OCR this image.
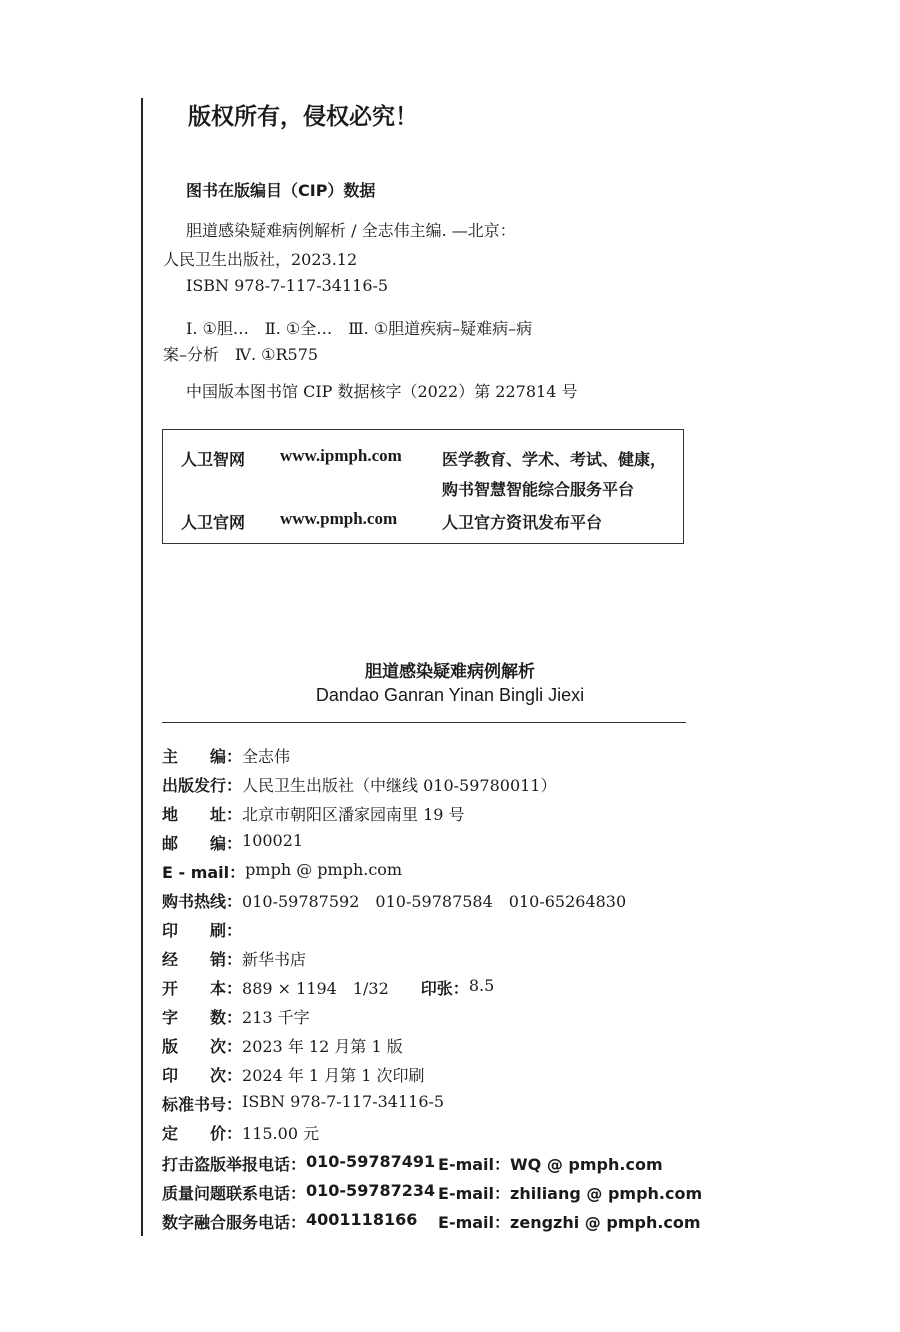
版权所有，侵权必究！
图书在版编目（CIP）数据
胆道感染疑难病例解析 / 全志伟主编. —北京：
人民卫生出版社，2023.12
ISBN 978-7-117-34116-5
Ⅰ. ①胆…　Ⅱ. ①全…　Ⅲ. ①胆道疾病–疑难病–病
案–分析　Ⅳ. ①R575
中国版本图书馆 CIP 数据核字（2022）第 227814 号
人卫智网 www.ipmph.com	医学教育、学术、考试、健康，
购书智慧智能综合服务平台
人卫官网 www.pmph.com	人卫官方资讯发布平台
胆道感染疑难病例解析
Dandao Ganran Yinan Bingli Jiexi
主　　编： 全志伟
出版发行： 人民卫生出版社（中继线 010-59780011）
地　　址： 北京市朝阳区潘家园南里 19 号
邮　　编： 100021
E - mail： pmph @ pmph.com
购书热线： 010-59787592　010-59787584　010-65264830
印　　刷：
经　　销： 新华书店
开　　本： 889 × 1194　1/32　　 印张： 8.5
字　　数： 213 千字
版　　次： 2023 年 12 月第 1 版
印　　次： 2024 年 1 月第 1 次印刷
标准书号： ISBN 978-7-117-34116-5
定　　价： 115.00 元
打击盗版举报电话： 010-59787491 E-mail：WQ @ pmph.com
质量问题联系电话： 010-59787234 E-mail：zhiliang @ pmph.com
数字融合服务电话： 4001118166	E-mail：zengzhi @ pmph.com
